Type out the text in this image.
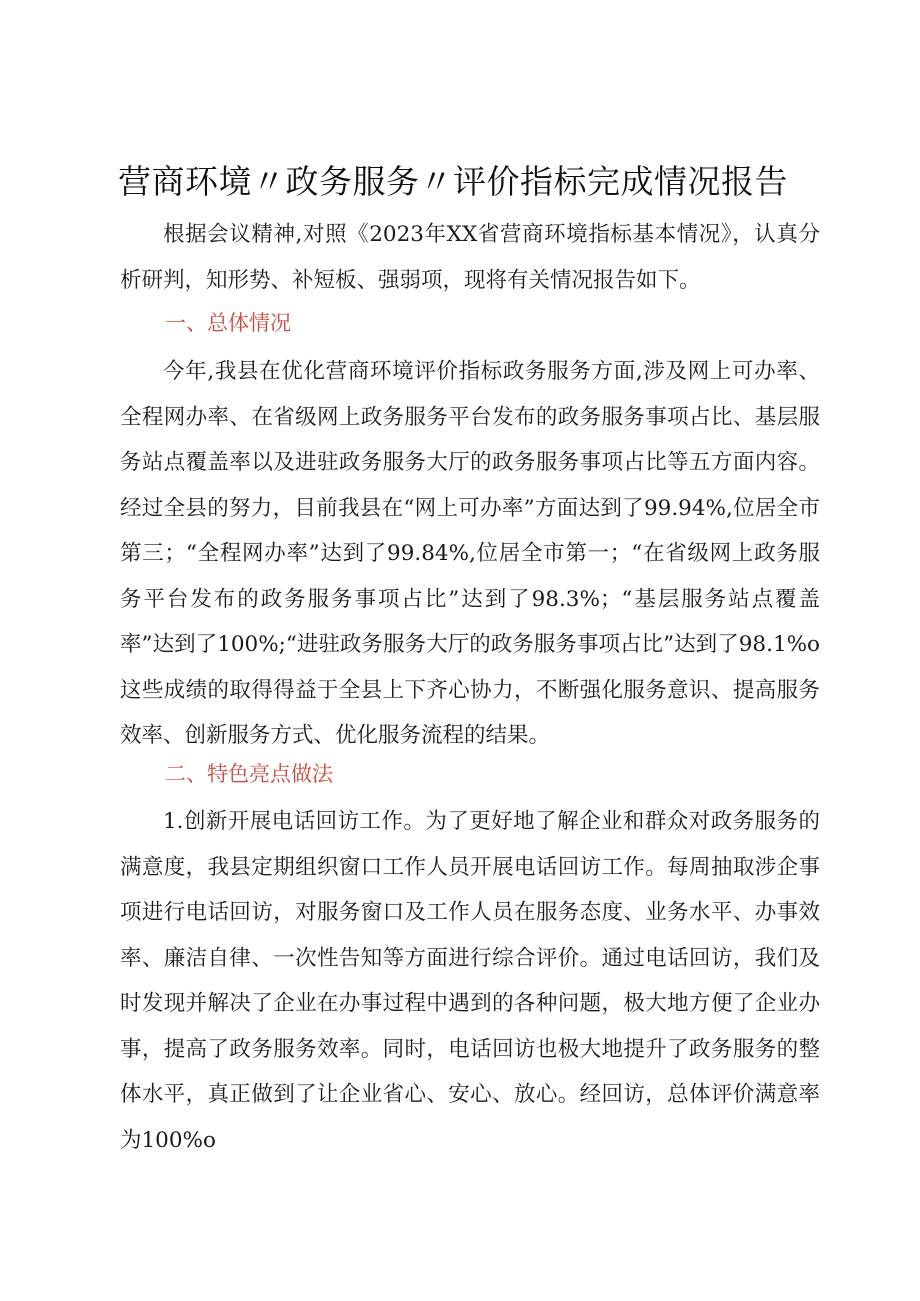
营商环境〃政务服务〃评价指标完成情况报告

根据会议精神,对照《2023年XX省营商环境指标基本情况》，认真分析研判，知形势、补短板、强弱项，现将有关情况报告如下。

一、总体情况

今年,我县在优化营商环境评价指标政务服务方面,涉及网上可办率、全程网办率、在省级网上政务服务平台发布的政务服务事项占比、基层服务站点覆盖率以及进驻政务服务大厅的政务服务事项占比等五方面内容。经过全县的努力，目前我县在“网上可办率”方面达到了99.94%,位居全市第三；“全程网办率”达到了99.84%,位居全市第一；“在省级网上政务服务平台发布的政务服务事项占比”达到了98.3%；“基层服务站点覆盖率”达到了100%;“进驻政务服务大厅的政务服务事项占比”达到了98.1%o这些成绩的取得得益于全县上下齐心协力，不断强化服务意识、提高服务效率、创新服务方式、优化服务流程的结果。

二、特色亮点做法

1.创新开展电话回访工作。为了更好地了解企业和群众对政务服务的满意度，我县定期组织窗口工作人员开展电话回访工作。每周抽取涉企事项进行电话回访，对服务窗口及工作人员在服务态度、业务水平、办事效率、廉洁自律、一次性告知等方面进行综合评价。通过电话回访，我们及时发现并解决了企业在办事过程中遇到的各种问题，极大地方便了企业办事，提高了政务服务效率。同时，电话回访也极大地提升了政务服务的整体水平，真正做到了让企业省心、安心、放心。经回访，总体评价满意率为100%o
